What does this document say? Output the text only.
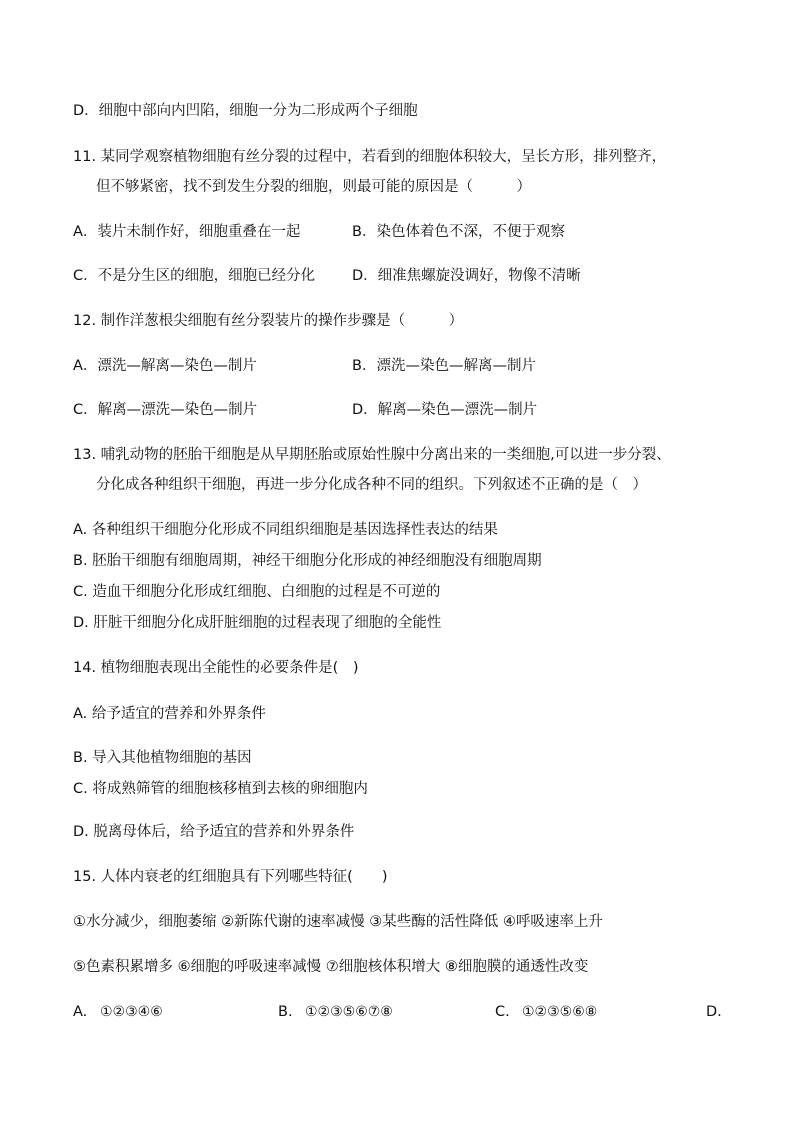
D．细胞中部向内凹陷，细胞一分为二形成两个子细胞
11. 某同学观察植物细胞有丝分裂的过程中，若看到的细胞体积较大，呈长方形，排列整齐，
但不够紧密，找不到发生分裂的细胞，则最可能的原因是（　　　）
A．装片未制作好，细胞重叠在一起	B．染色体着色不深，不便于观察
C．不是分生区的细胞，细胞已经分化	D．细准焦螺旋没调好，物像不清晰
12. 制作洋葱根尖细胞有丝分裂装片的操作步骤是（　　　）
A．漂洗—解离—染色—制片	B．漂洗—染色—解离—制片
C．解离—漂洗—染色—制片	D．解离—染色—漂洗—制片
13. 哺乳动物的胚胎干细胞是从早期胚胎或原始性腺中分离出来的一类细胞,可以进一步分裂、
分化成各种组织干细胞，再进一步分化成各种不同的组织。下列叙述不正确的是（　）
A. 各种组织干细胞分化形成不同组织细胞是基因选择性表达的结果
B. 胚胎干细胞有细胞周期，神经干细胞分化形成的神经细胞没有细胞周期
C. 造血干细胞分化形成红细胞、白细胞的过程是不可逆的
D. 肝脏干细胞分化成肝脏细胞的过程表现了细胞的全能性
14. 植物细胞表现出全能性的必要条件是(　)
A. 给予适宜的营养和外界条件
B. 导入其他植物细胞的基因
C. 将成熟筛管的细胞核移植到去核的卵细胞内
D. 脱离母体后，给予适宜的营养和外界条件
15. 人体内衰老的红细胞具有下列哪些特征(　　)
①水分减少，细胞萎缩 ②新陈代谢的速率减慢 ③某些酶的活性降低 ④呼吸速率上升
⑤色素积累增多 ⑥细胞的呼吸速率减慢 ⑦细胞核体积增大 ⑧细胞膜的通透性改变
A. ①②③④⑥	B. ①②③⑤⑥⑦⑧	C. ①②③⑤⑥⑧	D.
